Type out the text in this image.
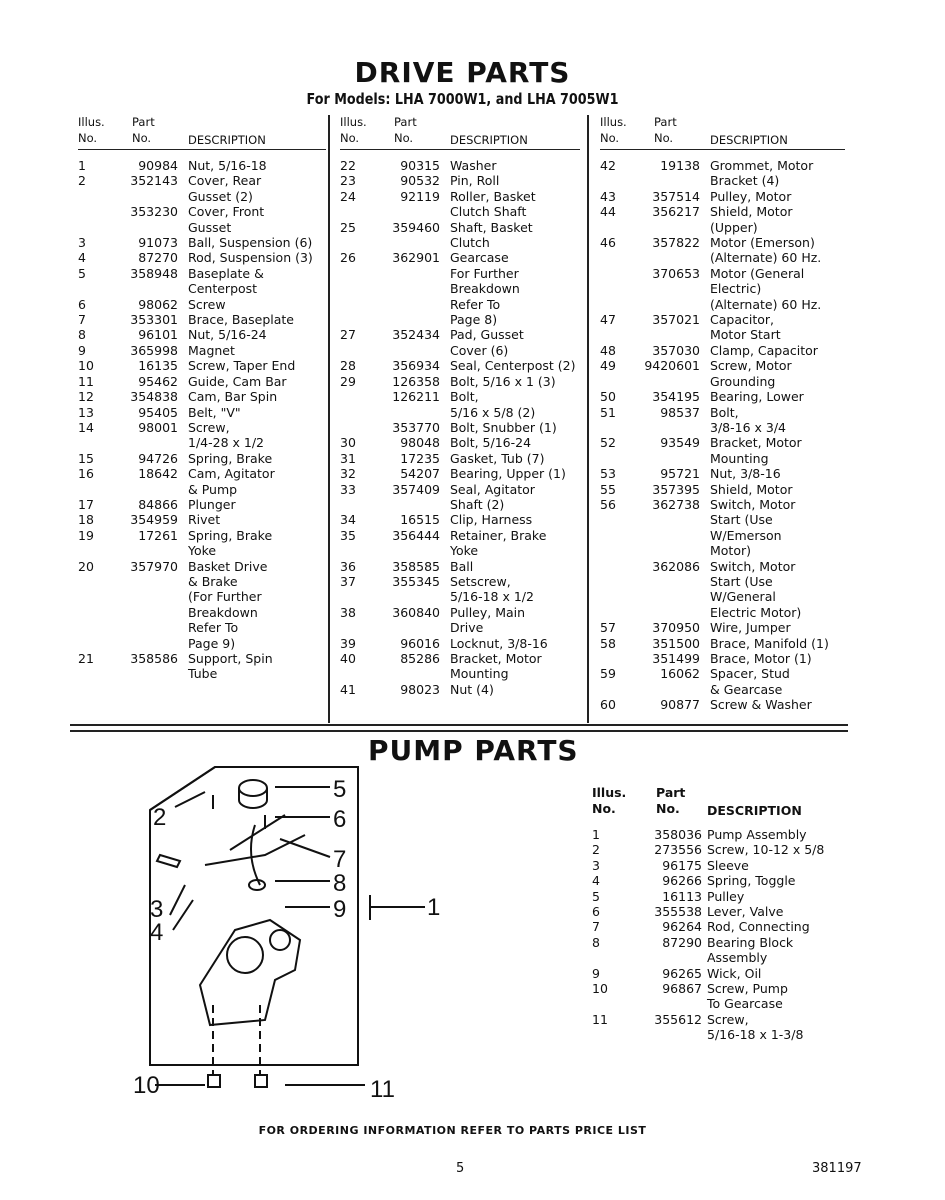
DRIVE PARTS
For Models: LHA 7000W1, and LHA 7005W1
Illus.
No.
Part
No.	DESCRIPTION
1	90984 Nut, 5/16-18
2	352143 Cover, Rear
Gusset (2)
353230 Cover, Front
Gusset
3	91073 Ball, Suspension (6)
4	87270 Rod, Suspension (3)
5	358948 Baseplate &
Centerpost
6	98062 Screw
7	353301 Brace, Baseplate
8	96101 Nut, 5/16-24
9	365998 Magnet
10	16135 Screw, Taper End
11	95462 Guide, Cam Bar
12	354838 Cam, Bar Spin
13	95405 Belt, "V"
14	98001 Screw,
1/4-28 x 1/2
15	94726 Spring, Brake
16	18642 Cam, Agitator
& Pump
17	84866 Plunger
18	354959 Rivet
19	17261 Spring, Brake
Yoke
20	357970 Basket Drive
& Brake
(For Further
Breakdown
Refer To
Page 9)
21	358586 Support, Spin
Tube
Illus.
No.
Part
No.	DESCRIPTION
22	90315 Washer
23	90532 Pin, Roll
24	92119 Roller, Basket
Clutch Shaft
25	359460 Shaft, Basket
Clutch
26	362901 Gearcase
For Further
Breakdown
Refer To
Page 8)
27	352434 Pad, Gusset
Cover (6)
28	356934 Seal, Centerpost (2)
29	126358 Bolt, 5/16 x 1 (3)
126211 Bolt,
5/16 x 5/8 (2)
353770 Bolt, Snubber (1)
30	98048 Bolt, 5/16-24
31	17235 Gasket, Tub (7)
32	54207 Bearing, Upper (1)
33	357409 Seal, Agitator
Shaft (2)
34	16515 Clip, Harness
35	356444 Retainer, Brake
Yoke
36	358585 Ball
37	355345 Setscrew,
5/16-18 x 1/2
38	360840 Pulley, Main
Drive
39	96016 Locknut, 3/8-16
40	85286 Bracket, Motor
Mounting
41	98023 Nut (4)
Illus.
No.
Part
No.	DESCRIPTION
42	19138 Grommet, Motor
Bracket (4)
43	357514 Pulley, Motor
44	356217 Shield, Motor
(Upper)
46	357822 Motor (Emerson)
(Alternate) 60 Hz.
370653 Motor (General
Electric)
(Alternate) 60 Hz.
47	357021 Capacitor,
Motor Start
48	357030 Clamp, Capacitor
49 9420601 Screw, Motor
Grounding
50	354195 Bearing, Lower
51	98537 Bolt,
3/8-16 x 3/4
52	93549 Bracket, Motor
Mounting
53	95721 Nut, 3/8-16
55	357395 Shield, Motor
56	362738 Switch, Motor
Start (Use
W/Emerson
Motor)
362086 Switch, Motor
Start (Use
W/General
Electric Motor)
57	370950 Wire, Jumper
58	351500 Brace, Manifold (1)
351499 Brace, Motor (1)
59	16062 Spacer, Stud
& Gearcase
60	90877 Screw & Washer
PUMP PARTS
5
6
7
8
9	1
2
3
4
10	11
Illus.
No.
Part
No. DESCRIPTION
1	358036 Pump Assembly
2	273556 Screw, 10-12 x 5/8
3	96175 Sleeve
4	96266 Spring, Toggle
5	16113 Pulley
6	355538 Lever, Valve
7	96264 Rod, Connecting
8	87290 Bearing Block
Assembly
9	96265 Wick, Oil
10	96867 Screw, Pump
To Gearcase
11	355612 Screw,
5/16-18 x 1-3/8
FOR ORDERING INFORMATION REFER TO PARTS PRICE LIST
5	381197
